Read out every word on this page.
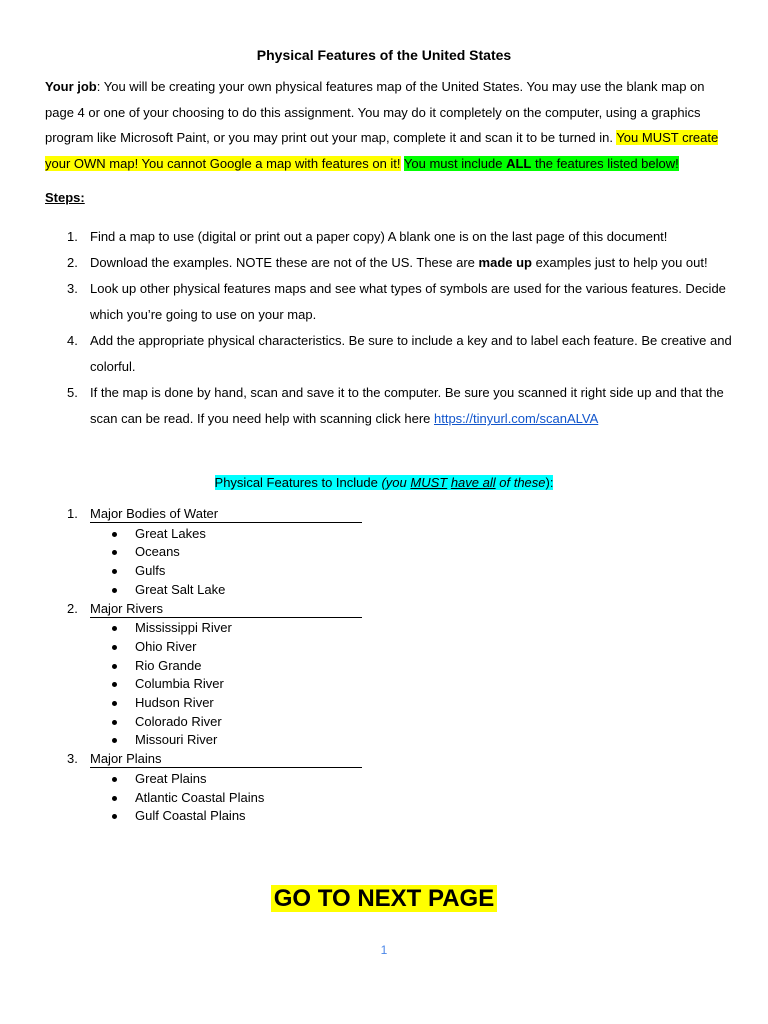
Physical Features of the United States
Your job: You will be creating your own physical features map of the United States. You may use the blank map on page 4 or one of your choosing to do this assignment. You may do it completely on the computer, using a graphics program like Microsoft Paint, or you may print out your map, complete it and scan it to be turned in. You MUST create your OWN map! You cannot Google a map with features on it! You must include ALL the features listed below!
Steps:
1. Find a map to use (digital or print out a paper copy) A blank one is on the last page of this document!
2. Download the examples. NOTE these are not of the US. These are made up examples just to help you out!
3. Look up other physical features maps and see what types of symbols are used for the various features. Decide which you’re going to use on your map.
4. Add the appropriate physical characteristics. Be sure to include a key and to label each feature. Be creative and colorful.
5. If the map is done by hand, scan and save it to the computer. Be sure you scanned it right side up and that the scan can be read. If you need help with scanning click here https://tinyurl.com/scanALVA
Physical Features to Include (you MUST have all of these):
1. Major Bodies of Water
Great Lakes
Oceans
Gulfs
Great Salt Lake
2. Major Rivers
Mississippi River
Ohio River
Rio Grande
Columbia River
Hudson River
Colorado River
Missouri River
3. Major Plains
Great Plains
Atlantic Coastal Plains
Gulf Coastal Plains
GO TO NEXT PAGE
1
